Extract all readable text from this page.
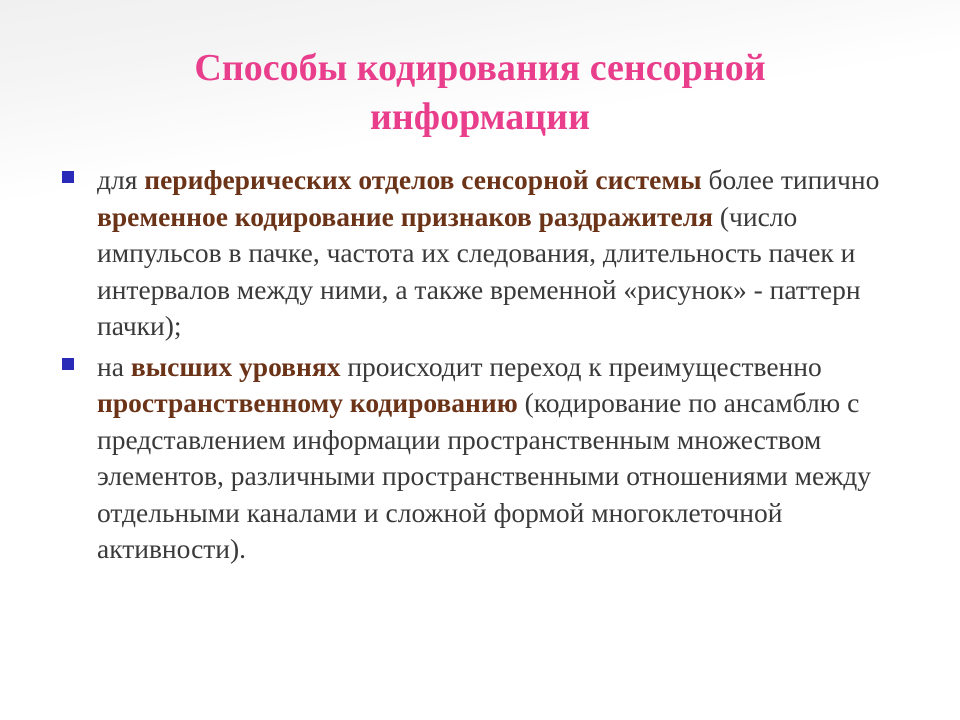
Способы кодирования сенсорной
информации
для периферических отделов сенсорной системы более типично временное кодирование признаков раздражителя (число импульсов в пачке, частота их следования, длительность пачек и интервалов между ними, а также временной «рисунок» - паттерн пачки);
на высших уровнях происходит переход к преимущественно пространственному кодированию (кодирование по ансамблю с представлением информации пространственным множеством элементов, различными пространственными отношениями между отдельными каналами и сложной формой многоклеточной активности).
